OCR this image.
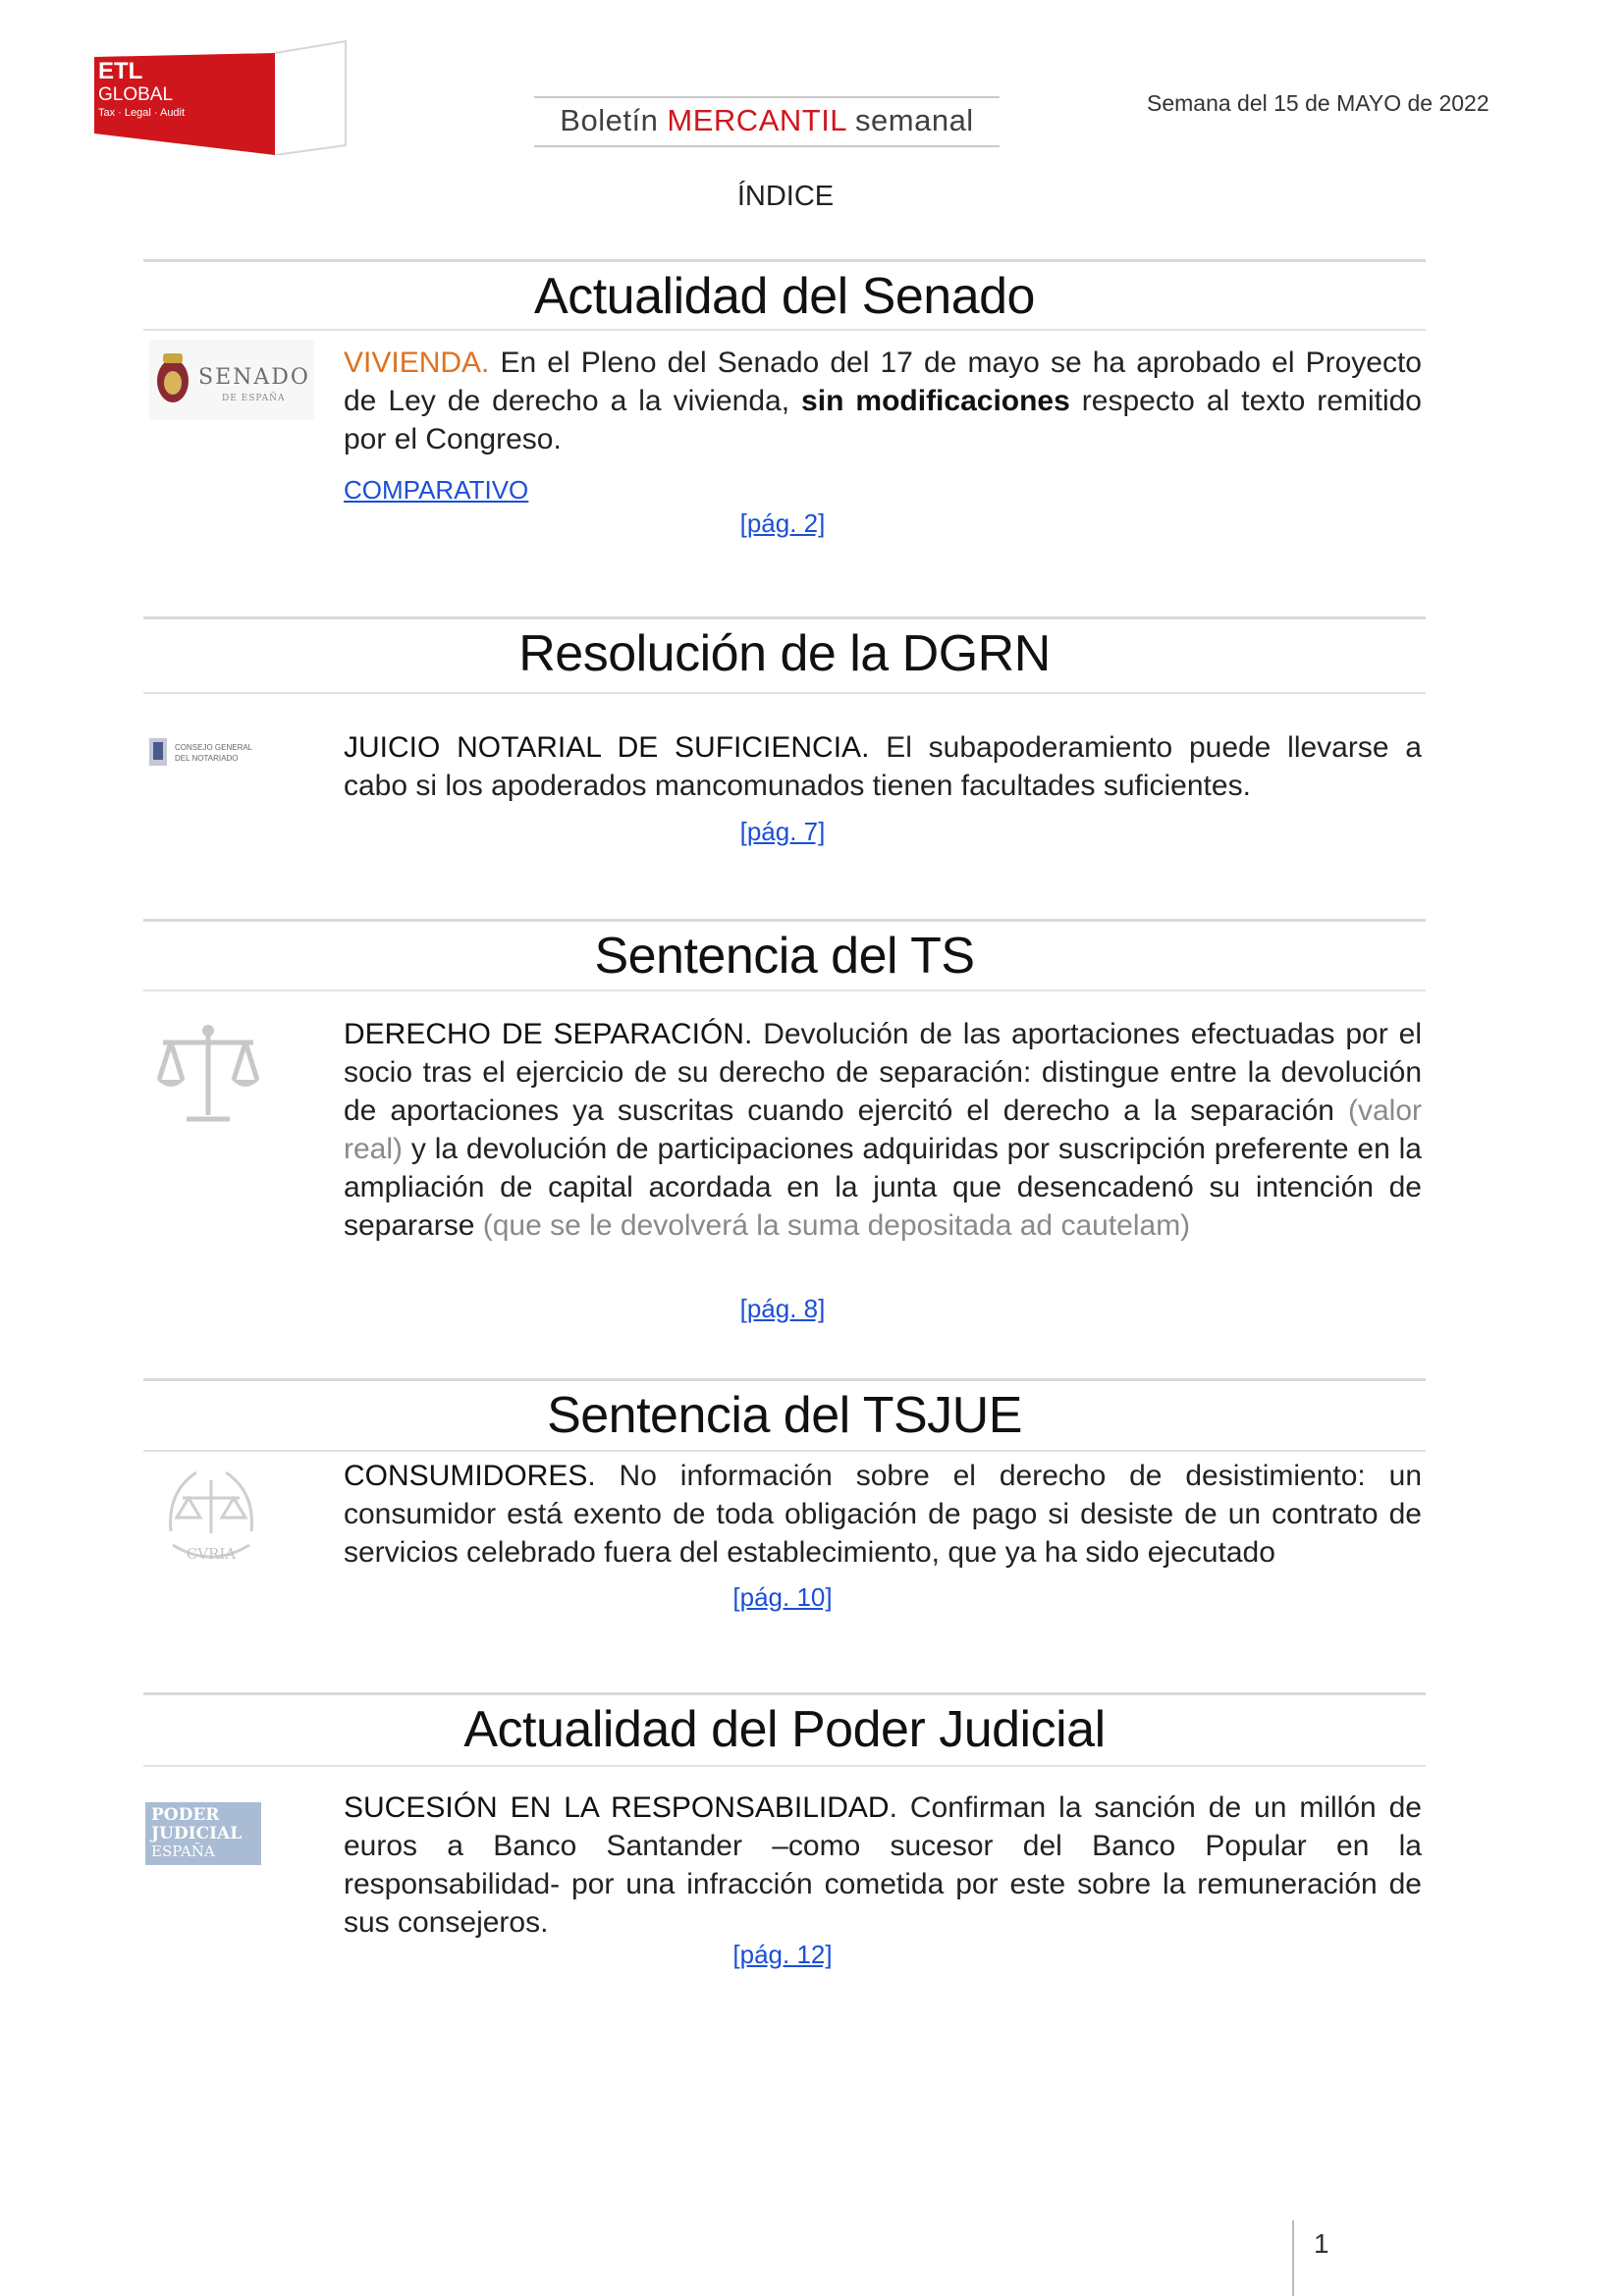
ETL
GLOBAL
Tax · Legal · Audit	Boletín MERCANTIL semanal	Semana del 15 de MAYO de 2022
ÍNDICE
Actualidad del Senado
SENADO
DE ESPAÑA
VIVIENDA. En el Pleno del Senado del 17 de mayo se ha aprobado el Proyecto de Ley de derecho a la vivienda, sin modificaciones respecto al texto remitido por el Congreso.
COMPARATIVO
[pág. 2]
Resolución de la DGRN
CONSEJO GENERAL
DEL NOTARIADO	JUICIO NOTARIAL DE SUFICIENCIA. El subapoderamiento puede llevarse a cabo si los apoderados mancomunados tienen facultades suficientes.
[pág. 7]
Sentencia del TS
DERECHO DE SEPARACIÓN. Devolución de las aportaciones efectuadas por el socio tras el ejercicio de su derecho de separación: distingue entre la devolución de aportaciones ya suscritas cuando ejercitó el derecho a la separación (valor real) y la devolución de participaciones adquiridas por suscripción preferente en la ampliación de capital acordada en la junta que desencadenó su intención de separarse (que se le devolverá la suma depositada ad cautelam)
[pág. 8]
Sentencia del TSJUE
CVRIA
CONSUMIDORES. No información sobre el derecho de desistimiento: un consumidor está exento de toda obligación de pago si desiste de un contrato de servicios celebrado fuera del establecimiento, que ya ha sido ejecutado
[pág. 10]
Actualidad del Poder Judicial
PODER
JUDICIAL
ESPAÑA
SUCESIÓN EN LA RESPONSABILIDAD. Confirman la sanción de un millón de euros a Banco Santander –como sucesor del Banco Popular en la responsabilidad- por una infracción cometida por este sobre la remuneración de sus consejeros.
[pág. 12]
1
